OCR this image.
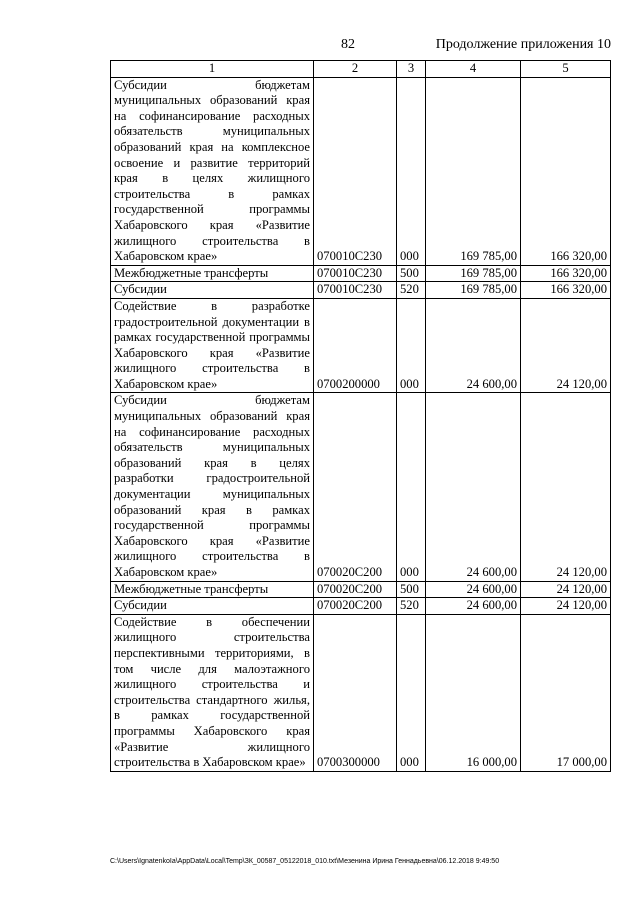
82	Продолжение приложения 10
1	2	3	4	5

Субсидии бюджетам муниципальных образований края на софинансирование расходных обязательств муниципальных образований края на комплексное освоение и развитие территорий края в целях жилищного строительства в рамках государственной программы Хабаровского края «Развитие жилищного строительства в Хабаровском крае»	070010С230	000	169 785,00	166 320,00

Межбюджетные трансферты	070010С230	500	169 785,00	166 320,00

Субсидии	070010С230	520	169 785,00	166 320,00

Содействие в разработке градостроительной документации в рамках государственной программы Хабаровского края «Развитие жилищного строительства в Хабаровском крае»	0700200000	000	24 600,00	24 120,00

Субсидии бюджетам муниципальных образований края на софинансирование расходных обязательств муниципальных образований края в целях разработки градостроительной документации муниципальных образований края в рамках государственной программы Хабаровского края «Развитие жилищного строительства в Хабаровском крае»	070020С200	000	24 600,00	24 120,00

Межбюджетные трансферты	070020С200	500	24 600,00	24 120,00

Субсидии	070020С200	520	24 600,00	24 120,00

Содействие в обеспечении жилищного строительства перспективными территориями, в том числе для малоэтажного жилищного строительства и строительства стандартного жилья, в рамках государственной программы Хабаровского края «Развитие жилищного строительства в Хабаровском крае»	0700300000	000	16 000,00	17 000,00
C:\Users\IgnatenkoIa\AppData\Local\Temp\ЗК_00587_05122018_010.txt\Мезенина Ирина Геннадьевна\06.12.2018 9:49:50
